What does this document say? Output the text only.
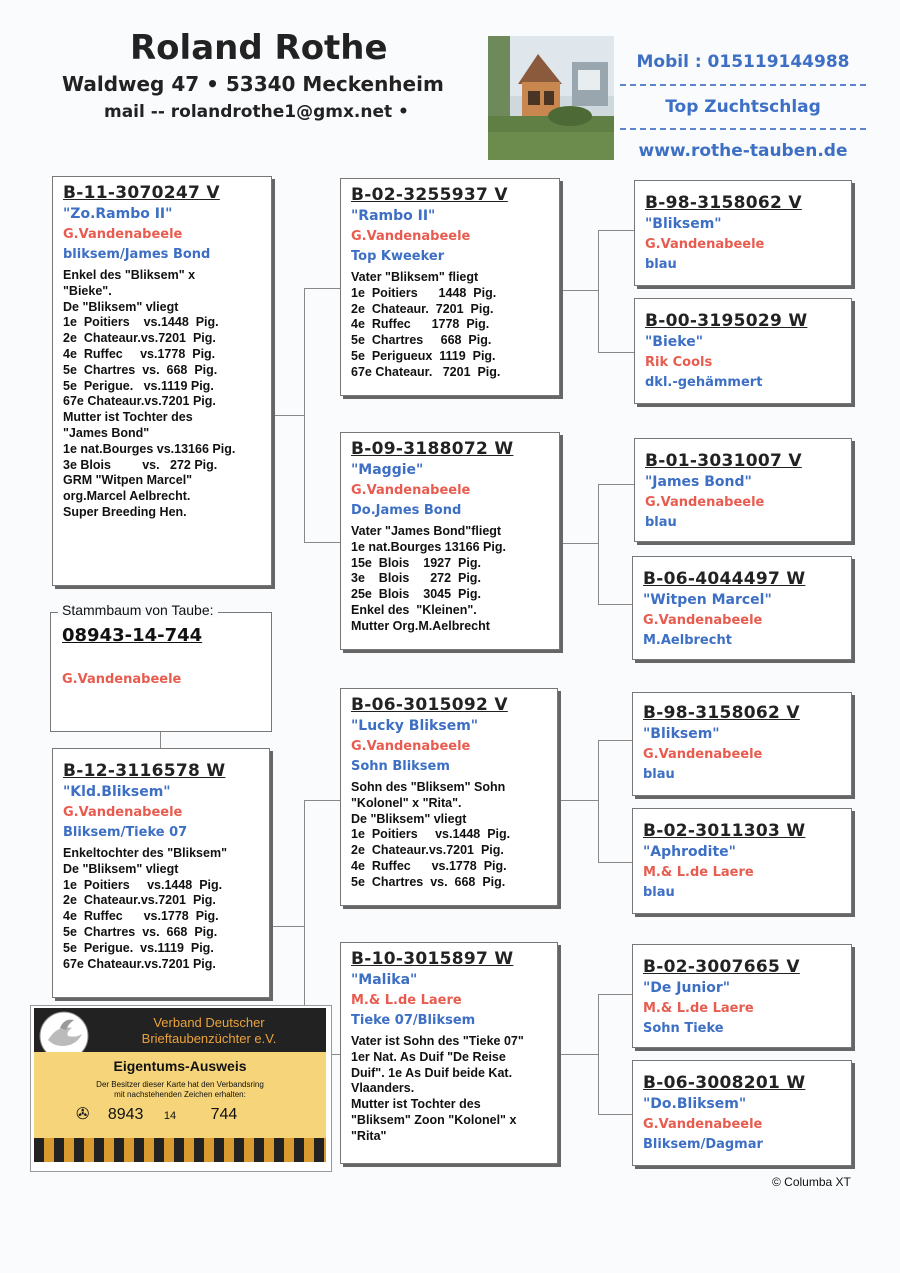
Roland Rothe
Waldweg 47 • 53340 Meckenheim
mail -- rolandrothe1@gmx.net •
Mobil : 015119144988
Top Zuchtschlag
www.rothe-tauben.de
B-11-3070247 V
"Zo.Rambo II"
G.Vandenabeele
bliksem/James Bond
Enkel des "Bliksem" x
"Bieke".
De "Bliksem" vliegt
1e  Poitiers    vs.1448  Pig.
2e  Chateaur.vs.7201  Pig.
4e  Ruffec     vs.1778  Pig.
5e  Chartres  vs.  668  Pig.
5e  Perigue.   vs.1119 Pig.
67e Chateaur.vs.7201 Pig.
Mutter ist Tochter des
"James Bond"
1e nat.Bourges vs.13166 Pig.
3e Blois         vs.   272 Pig.
GRM "Witpen Marcel"
org.Marcel Aelbrecht.
Super Breeding Hen.
Stammbaum von Taube:
08943-14-744
G.Vandenabeele
B-12-3116578 W
"Kld.Bliksem"
G.Vandenabeele
Bliksem/Tieke 07
Enkeltochter des "Bliksem"
De "Bliksem" vliegt
1e  Poitiers     vs.1448  Pig.
2e  Chateaur.vs.7201  Pig.
4e  Ruffec      vs.1778  Pig.
5e  Chartres  vs.  668  Pig.
5e  Perigue.  vs.1119  Pig.
67e Chateaur.vs.7201 Pig.
B-02-3255937 V
"Rambo II"
G.Vandenabeele
Top Kweeker
Vater "Bliksem" fliegt
1e  Poitiers      1448  Pig.
2e  Chateaur.  7201  Pig.
4e  Ruffec      1778  Pig.
5e  Chartres     668  Pig.
5e  Perigueux  1119  Pig.
67e Chateaur.   7201  Pig.
B-09-3188072 W
"Maggie"
G.Vandenabeele
Do.James Bond
Vater "James Bond"fliegt
1e nat.Bourges 13166 Pig.
15e  Blois    1927  Pig.
3e    Blois      272  Pig.
25e  Blois    3045  Pig.
Enkel des  "Kleinen".
Mutter Org.M.Aelbrecht
B-06-3015092 V
"Lucky Bliksem"
G.Vandenabeele
Sohn Bliksem
Sohn des "Bliksem" Sohn
"Kolonel" x "Rita".
De "Bliksem" vliegt
1e  Poitiers     vs.1448  Pig.
2e  Chateaur.vs.7201  Pig.
4e  Ruffec      vs.1778  Pig.
5e  Chartres  vs.  668  Pig.
B-10-3015897 W
"Malika"
M.& L.de Laere
Tieke 07/Bliksem
Vater ist Sohn des "Tieke 07"
1er Nat. As Duif "De Reise
Duif". 1e As Duif beide Kat.
Vlaanders.
Mutter ist Tochter des
"Bliksem" Zoon "Kolonel" x
"Rita"
B-98-3158062 V
"Bliksem"
G.Vandenabeele
blau
B-00-3195029 W
"Bieke"
Rik Cools
dkl.-gehämmert
B-01-3031007 V
"James Bond"
G.Vandenabeele
blau
B-06-4044497 W
"Witpen Marcel"
G.Vandenabeele
M.Aelbrecht
B-98-3158062 V
"Bliksem"
G.Vandenabeele
blau
B-02-3011303 W
"Aphrodite"
M.& L.de Laere
blau
B-02-3007665 V
"De Junior"
M.& L.de Laere
Sohn Tieke
B-06-3008201 W
"Do.Bliksem"
G.Vandenabeele
Bliksem/Dagmar
Verband Deutscher
Brieftaubenzüchter e.V.
Eigentums-Ausweis
Der Besitzer dieser Karte hat den Verbandsring
mit nachstehenden Zeichen erhalten:
✇ 8943 14 744
© Columba XT
